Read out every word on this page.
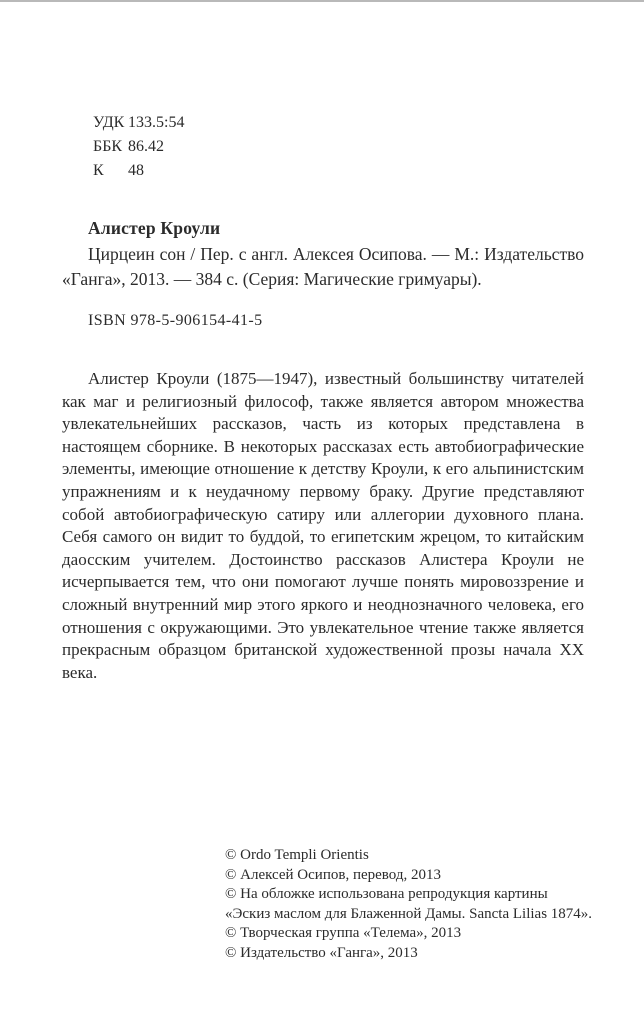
УДК 133.5:54
ББК 86.42
К	48
Алистер Кроули

Цирцеин сон / Пер. с англ. Алексея Осипова. — М.: Издательство «Ганга», 2013. — 384 с. (Серия: Магические гримуары).

ISBN 978-5-906154-41-5

Алистер Кроули (1875—1947), известный большинству читателей как маг и религиозный философ, также является автором множества увлекательнейших рассказов, часть из которых представлена в настоящем сборнике. В некоторых рассказах есть автобиографические элементы, имеющие отношение к детству Кроули, к его альпинистским упражнениям и к неудачному первому браку. Другие представляют собой автобиографическую сатиру или аллегории духовного плана. Себя самого он видит то буддой, то египетским жрецом, то китайским даосским учителем. Достоинство рассказов Алистера Кроули не исчерпывается тем, что они помогают лучше понять мировоззрение и сложный внутренний мир этого яркого и неоднозначного человека, его отношения с окружающими. Это увлекательное чтение также является прекрасным образцом британской художественной прозы начала XX века.

© Ordo Templi Orientis
© Алексей Осипов, перевод, 2013
© На обложке использована репродукция картины
«Эскиз маслом для Блаженной Дамы. Sancta Lilias 1874».
© Творческая группа «Телема», 2013
© Издательство «Ганга», 2013
